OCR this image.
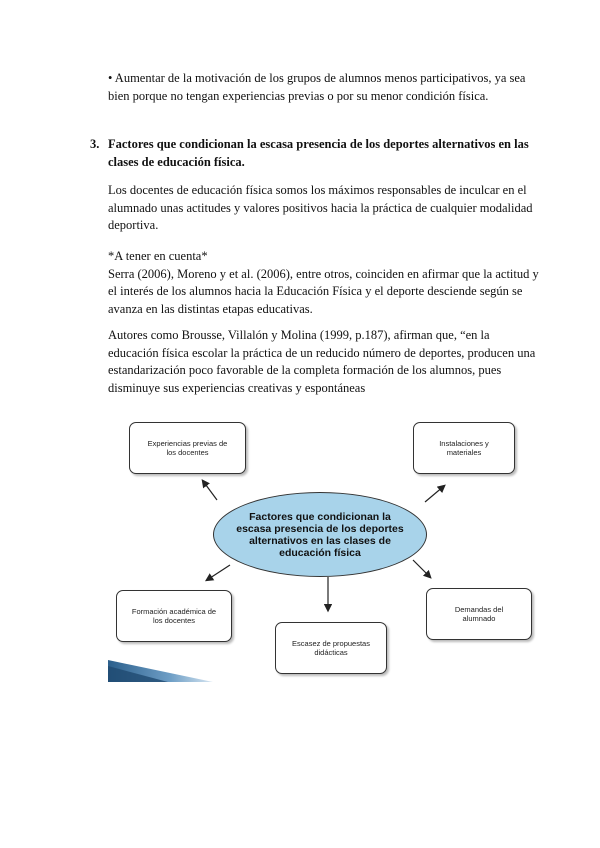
• Aumentar de la motivación de los grupos de alumnos menos participativos, ya sea
bien porque no tengan experiencias previas o por su menor condición física.
3. Factores que condicionan la escasa presencia de los deportes alternativos en las
clases de educación física.
Los docentes de educación física somos los máximos responsables de inculcar en el
alumnado unas actitudes y valores positivos hacia la práctica de cualquier modalidad
deportiva.
*A tener en cuenta*
Serra (2006), Moreno y et al. (2006), entre otros, coinciden en afirmar que la actitud y
el interés de los alumnos hacia la Educación Física y el deporte desciende según se
avanza en las distintas etapas educativas.
Autores como Brousse, Villalón y Molina (1999, p.187), afirman que, “en la
educación física escolar la práctica de un reducido número de deportes, producen una
estandarización poco favorable de la completa formación de los alumnos, pues
disminuye sus experiencias creativas y espontáneas
Factores que condicionan la escasa presencia de los deportes alternativos en las clases de educación física
Experiencias previas de los docentes
Instalaciones y materiales
Formación académica de los docentes
Escasez de propuestas didácticas
Demandas del alumnado
